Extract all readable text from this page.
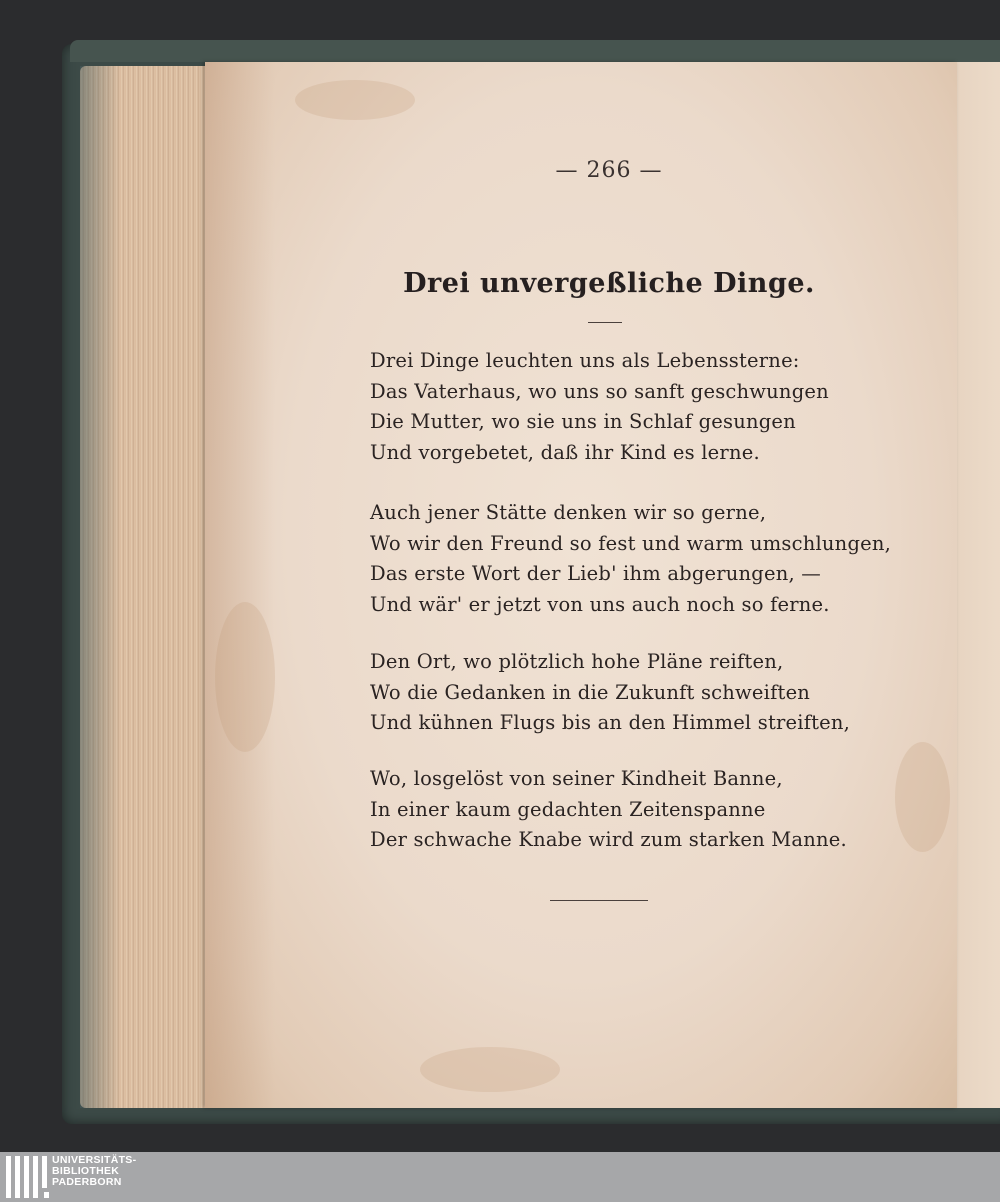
— 266 —
Drei unvergeßliche Dinge.
Drei Dinge leuchten uns als Lebenssterne:
Das Vaterhaus, wo uns so sanft geschwungen
Die Mutter, wo sie uns in Schlaf gesungen
Und vorgebetet, daß ihr Kind es lerne.
Auch jener Stätte denken wir so gerne,
Wo wir den Freund so fest und warm umschlungen,
Das erste Wort der Lieb' ihm abgerungen, —
Und wär' er jetzt von uns auch noch so ferne.
Den Ort, wo plötzlich hohe Pläne reiften,
Wo die Gedanken in die Zukunft schweiften
Und kühnen Flugs bis an den Himmel streiften,
Wo, losgelöst von seiner Kindheit Banne,
In einer kaum gedachten Zeitenspanne
Der schwache Knabe wird zum starken Manne.
UNIVERSITÄTS-
BIBLIOTHEK
PADERBORN
